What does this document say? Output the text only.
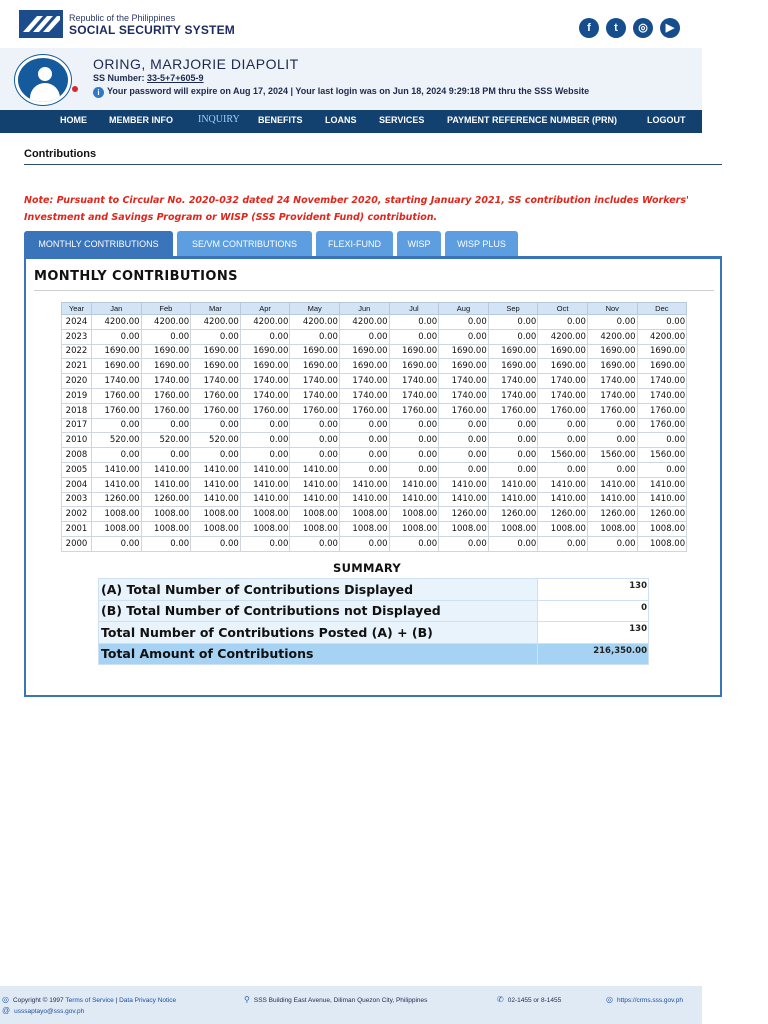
Republic of the Philippines
SOCIAL SECURITY SYSTEM	f	t	◎	▶
ORING, MARJORIE DIAPOLIT
SS Number: 33-5+7+605-9
i Your password will expire on Aug 17, 2024 | Your last login was on Jun 18, 2024 9:29:18 PM thru the SSS Website
HOME MEMBER INFO	INQUIRY BENEFITS LOANS	SERVICES	PAYMENT REFERENCE NUMBER (PRN)	LOGOUT
Contributions
Note: Pursuant to Circular No. 2020-032 dated 24 November 2020, starting January 2021, SS contribution includes Workers' Investment and Savings Program or WISP (SSS Provident Fund) contribution.
MONTHLY CONTRIBUTIONS	SE/VM CONTRIBUTIONS	FLEXI-FUND	WISP	WISP PLUS
MONTHLY CONTRIBUTIONS
Year	Jan	Feb	Mar	Apr	May	Jun	Jul	Aug	Sep	Oct	Nov	Dec
2024	4200.00	4200.00	4200.00	4200.00	4200.00	4200.00	0.00	0.00	0.00	0.00	0.00	0.00
2023	0.00	0.00	0.00	0.00	0.00	0.00	0.00	0.00	0.00	4200.00	4200.00	4200.00
2022	1690.00	1690.00	1690.00	1690.00	1690.00	1690.00	1690.00	1690.00	1690.00	1690.00	1690.00	1690.00
2021	1690.00	1690.00	1690.00	1690.00	1690.00	1690.00	1690.00	1690.00	1690.00	1690.00	1690.00	1690.00
2020	1740.00	1740.00	1740.00	1740.00	1740.00	1740.00	1740.00	1740.00	1740.00	1740.00	1740.00	1740.00
2019	1760.00	1760.00	1760.00	1740.00	1740.00	1740.00	1740.00	1740.00	1740.00	1740.00	1740.00	1740.00
2018	1760.00	1760.00	1760.00	1760.00	1760.00	1760.00	1760.00	1760.00	1760.00	1760.00	1760.00	1760.00
2017	0.00	0.00	0.00	0.00	0.00	0.00	0.00	0.00	0.00	0.00	0.00	1760.00
2010	520.00	520.00	520.00	0.00	0.00	0.00	0.00	0.00	0.00	0.00	0.00	0.00
2008	0.00	0.00	0.00	0.00	0.00	0.00	0.00	0.00	0.00	1560.00	1560.00	1560.00
2005	1410.00	1410.00	1410.00	1410.00	1410.00	0.00	0.00	0.00	0.00	0.00	0.00	0.00
2004	1410.00	1410.00	1410.00	1410.00	1410.00	1410.00	1410.00	1410.00	1410.00	1410.00	1410.00	1410.00
2003	1260.00	1260.00	1410.00	1410.00	1410.00	1410.00	1410.00	1410.00	1410.00	1410.00	1410.00	1410.00
2002	1008.00	1008.00	1008.00	1008.00	1008.00	1008.00	1008.00	1260.00	1260.00	1260.00	1260.00	1260.00
2001	1008.00	1008.00	1008.00	1008.00	1008.00	1008.00	1008.00	1008.00	1008.00	1008.00	1008.00	1008.00
2000	0.00	0.00	0.00	0.00	0.00	0.00	0.00	0.00	0.00	0.00	0.00	1008.00
SUMMARY
(A) Total Number of Contributions Displayed	130
(B) Total Number of Contributions not Displayed	0
Total Number of Contributions Posted (A) + (B)	130
Total Amount of Contributions	216,350.00
◎ Copyright © 1997 Terms of Service | Data Privacy Notice
@ usssaptayo@sss.gov.ph
⚲ SSS Building East Avenue, Diliman Quezon City, Philippines	✆ 02-1455 or 8-1455	◎ https://crms.sss.gov.ph
